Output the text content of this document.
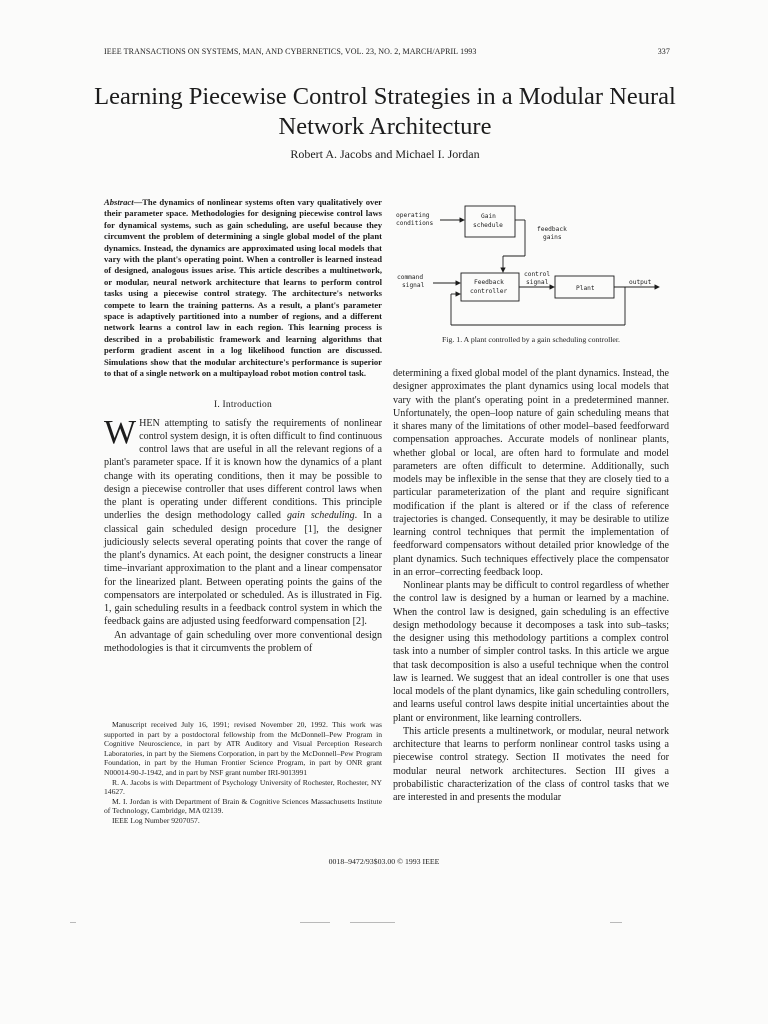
IEEE TRANSACTIONS ON SYSTEMS, MAN, AND CYBERNETICS, VOL. 23, NO. 2, MARCH/APRIL 1993	337
Learning Piecewise Control Strategies in a Modular Neural Network Architecture
Robert A. Jacobs and Michael I. Jordan

Abstract—The dynamics of nonlinear systems often vary qualitatively over their parameter space. Methodologies for designing piecewise control laws for dynamical systems, such as gain scheduling, are useful because they circumvent the problem of determining a single global model of the plant dynamics. Instead, the dynamics are approximated using local models that vary with the plant's operating point. When a controller is learned instead of designed, analogous issues arise. This article describes a multinetwork, or modular, neural network architecture that learns to perform control tasks using a piecewise control strategy. The architecture's networks compete to learn the training patterns. As a result, a plant's parameter space is adaptively partitioned into a number of regions, and a different network learns a control law in each region. This learning process is described in a probabilistic framework and learning algorithms that perform gradient ascent in a log likelihood function are discussed. Simulations show that the modular architecture's performance is superior to that of a single network on a multipayload robot motion control task.

I. Introduction

WHEN attempting to satisfy the requirements of nonlinear control system design, it is often difficult to find continuous control laws that are useful in all the relevant regions of a plant's parameter space. If it is known how the dynamics of a plant change with its operating conditions, then it may be possible to design a piecewise controller that uses different control laws when the plant is operating under different conditions. This principle underlies the design methodology called gain scheduling. In a classical gain scheduled design procedure [1], the designer judiciously selects several operating points that cover the range of the plant's dynamics. At each point, the designer constructs a linear time–invariant approximation to the plant and a linear compensator for the linearized plant. Between operating points the gains of the compensators are interpolated or scheduled. As is illustrated in Fig. 1, gain scheduling results in a feedback control system in which the feedback gains are adjusted using feedforward compensation [2].

An advantage of gain scheduling over more conventional design methodologies is that it circumvents the problem of

Manuscript received July 16, 1991; revised November 20, 1992. This work was supported in part by a postdoctoral fellowship from the McDonnell–Pew Program in Cognitive Neuroscience, in part by ATR Auditory and Visual Perception Research Laboratories, in part by the Siemens Corporation, in part by the McDonnell–Pew Program Foundation, in part by the Human Frontier Science Program, in part by ONR grant N00014-90-J-1942, and in part by NSF grant number IRI-9013991

R. A. Jacobs is with Department of Psychology University of Rochester, Rochester, NY 14627.

M. I. Jordan is with Department of Brain & Cognitive Sciences Massachusetts Institute of Technology, Cambridge, MA 02139.

IEEE Log Number 9207057.

operating
conditions
Gain
schedule
feedback
gains
command
signal	Feedback
controller
control
signal
Plant
output
Fig. 1. A plant controlled by a gain scheduling controller.

determining a fixed global model of the plant dynamics. Instead, the designer approximates the plant dynamics using local models that vary with the plant's operating point in a predetermined manner. Unfortunately, the open–loop nature of gain scheduling means that it shares many of the limitations of other model–based feedforward compensation approaches. Accurate models of nonlinear plants, whether global or local, are often hard to formulate and model parameters are often difficult to determine. Additionally, such models may be inflexible in the sense that they are closely tied to a particular parameterization of the plant and require significant modification if the plant is altered or if the class of reference trajectories is changed. Consequently, it may be desirable to utilize learning control techniques that permit the implementation of feedforward compensators without detailed prior knowledge of the plant dynamics. Such techniques effectively place the compensator in an error–correcting feedback loop.

Nonlinear plants may be difficult to control regardless of whether the control law is designed by a human or learned by a machine. When the control law is designed, gain scheduling is an effective design methodology because it decomposes a task into sub–tasks; the designer using this methodology partitions a complex control task into a number of simpler control tasks. In this article we argue that task decomposition is also a useful technique when the control law is learned. We suggest that an ideal controller is one that uses local models of the plant dynamics, like gain scheduling controllers, and learns useful control laws despite initial uncertainties about the plant or environment, like learning controllers.

This article presents a multinetwork, or modular, neural network architecture that learns to perform nonlinear control tasks using a piecewise control strategy. Section II motivates the need for modular neural network architectures. Section III gives a probabilistic characterization of the class of control tasks that we are interested in and presents the modular

0018–9472/93$03.00 © 1993 IEEE
